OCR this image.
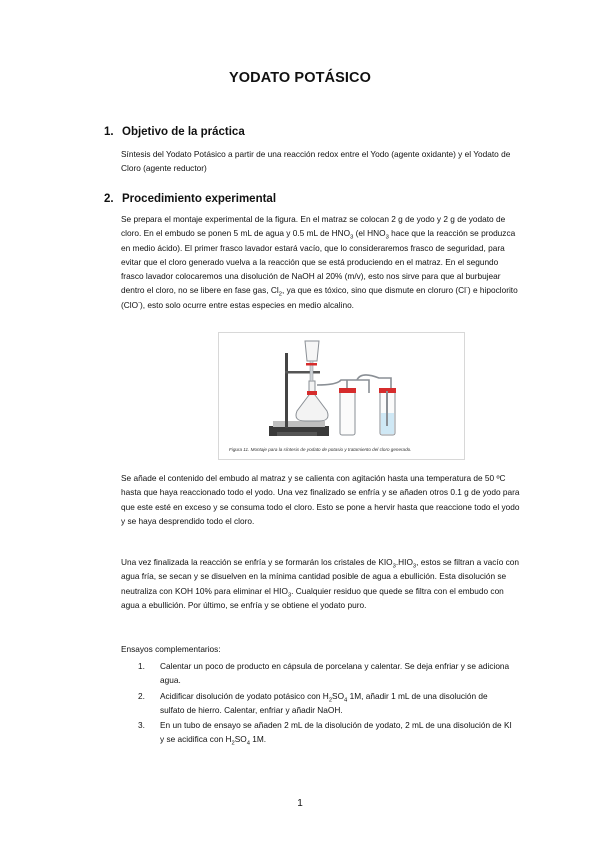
YODATO POTÁSICO
1. Objetivo de la práctica

Síntesis del Yodato Potásico a partir de una reacción redox entre el Yodo (agente oxidante) y el Yodato de Cloro (agente reductor)

2. Procedimiento experimental

Se prepara el montaje experimental de la figura. En el matraz se colocan 2 g de yodo y 2 g de yodato de cloro. En el embudo se ponen 5 mL de agua y 0.5 mL de $HNO_3$ (el $HNO_3$ hace que la reacción se produzca en medio ácido). El primer frasco lavador estará vacío, que lo consideraremos frasco de seguridad, para evitar que el cloro generado vuelva a la reacción que se está produciendo en el matraz. En el segundo frasco lavador colocaremos una disolución de NaOH al 20% (m/v), esto nos sirve para que al burbujear dentro el cloro, no se libere en fase gas, $Cl_2$, ya que es tóxico, sino que dismute en cloruro (Cl-) e hipoclorito (ClO-), esto solo ocurre entre estas especies en medio alcalino.

Figura 11. Montaje para la síntesis de yodato de potasio y tratamiento del cloro generado.

Se añade el contenido del embudo al matraz y se calienta con agitación hasta una temperatura de 50 ºC hasta que haya reaccionado todo el yodo. Una vez finalizado se enfría y se añaden otros 0.1 g de yodo para que este esté en exceso y se consuma todo el cloro. Esto se pone a hervir hasta que reaccione todo el yodo y se haya desprendido todo el cloro.

Una vez finalizada la reacción se enfría y se formarán los cristales de $KIO_3.HIO_3$, estos se filtran a vacío con agua fría, se secan y se disuelven en la mínima cantidad posible de agua a ebullición. Esta disolución se neutraliza con KOH 10% para eliminar el $HIO_3$. Cualquier residuo que quede se filtra con el embudo con agua a ebullición. Por último, se enfría y se obtiene el yodato puro.

Ensayos complementarios:

1. Calentar un poco de producto en cápsula de porcelana y calentar. Se deja enfriar y se adiciona agua.
2. Acidificar disolución de yodato potásico con $H_2SO_4$ 1M, añadir 1 mL de una disolución de sulfato de hierro. Calentar, enfriar y añadir NaOH.
3. En un tubo de ensayo se añaden 2 mL de la disolución de yodato, 2 mL de una disolución de KI y se acidifica con $H_2SO_4$ 1M.
1
